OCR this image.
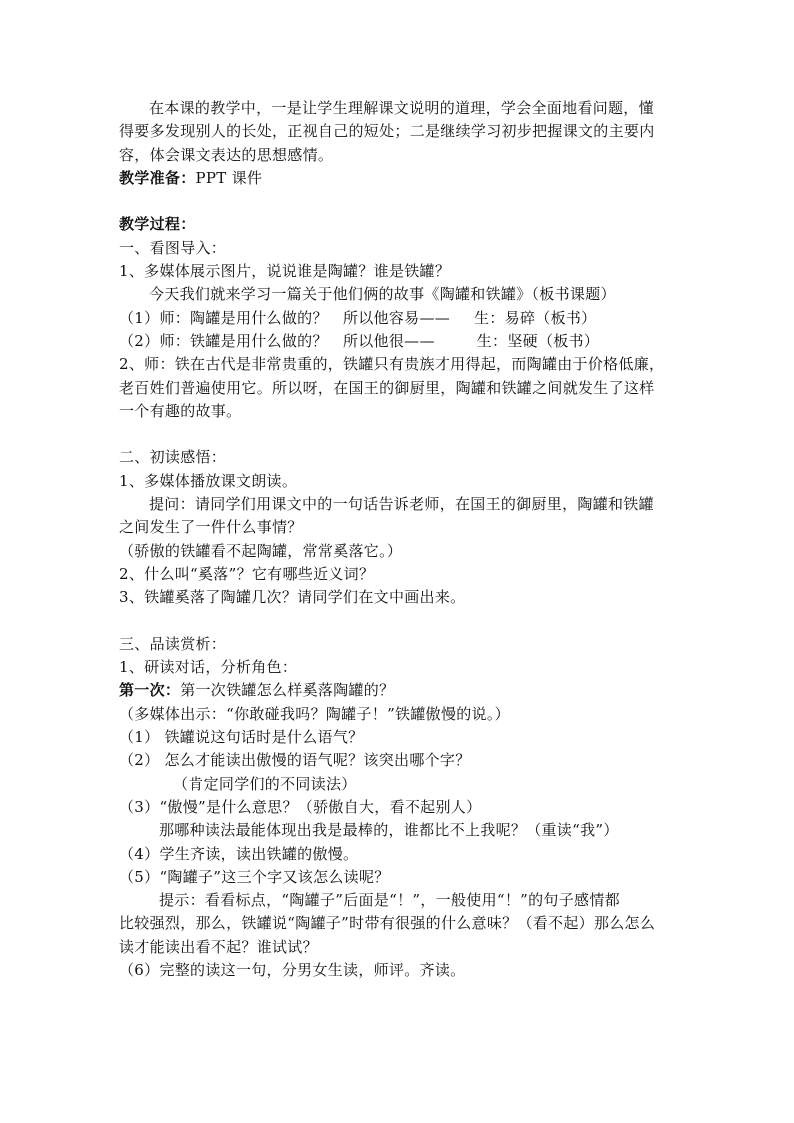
在本课的教学中，一是让学生理解课文说明的道理，学会全面地看问题，懂
得要多发现别人的长处，正视自己的短处；二是继续学习初步把握课文的主要内
容，体会课文表达的思想感情。
教学准备：PPT 课件
教学过程：
一、看图导入：
1、多媒体展示图片，说说谁是陶罐？谁是铁罐？
今天我们就来学习一篇关于他们俩的故事《陶罐和铁罐》（板书课题）
（1）师：陶罐是用什么做的？   所以他容易—— 生：易碎（板书）
（2）师：铁罐是用什么做的？   所以他很——	生：坚硬（板书）
2、师：铁在古代是非常贵重的，铁罐只有贵族才用得起，而陶罐由于价格低廉，
老百姓们普遍使用它。所以呀，在国王的御厨里，陶罐和铁罐之间就发生了这样
一个有趣的故事。
二、初读感悟：
1、多媒体播放课文朗读。
提问：请同学们用课文中的一句话告诉老师，在国王的御厨里，陶罐和铁罐
之间发生了一件什么事情？
（骄傲的铁罐看不起陶罐，常常奚落它。）
2、什么叫“奚落”？它有哪些近义词？
3、铁罐奚落了陶罐几次？请同学们在文中画出来。
三、品读赏析：
1、研读对话，分析角色：
第一次：第一次铁罐怎么样奚落陶罐的？
（多媒体出示：“你敢碰我吗？陶罐子！”铁罐傲慢的说。）
（1） 铁罐说这句话时是什么语气？
（2） 怎么才能读出傲慢的语气呢？该突出哪个字？
（肯定同学们的不同读法）
（3）“傲慢”是什么意思？（骄傲自大，看不起别人）
那哪种读法最能体现出我是最棒的，谁都比不上我呢？（重读“我”）
（4）学生齐读，读出铁罐的傲慢。
（5）“陶罐子”这三个字又该怎么读呢？
提示：看看标点，“陶罐子”后面是“！”，一般使用“！”的句子感情都
比较强烈，那么，铁罐说“陶罐子”时带有很强的什么意味？（看不起）那么怎么
读才能读出看不起？谁试试？
（6）完整的读这一句，分男女生读，师评。齐读。
